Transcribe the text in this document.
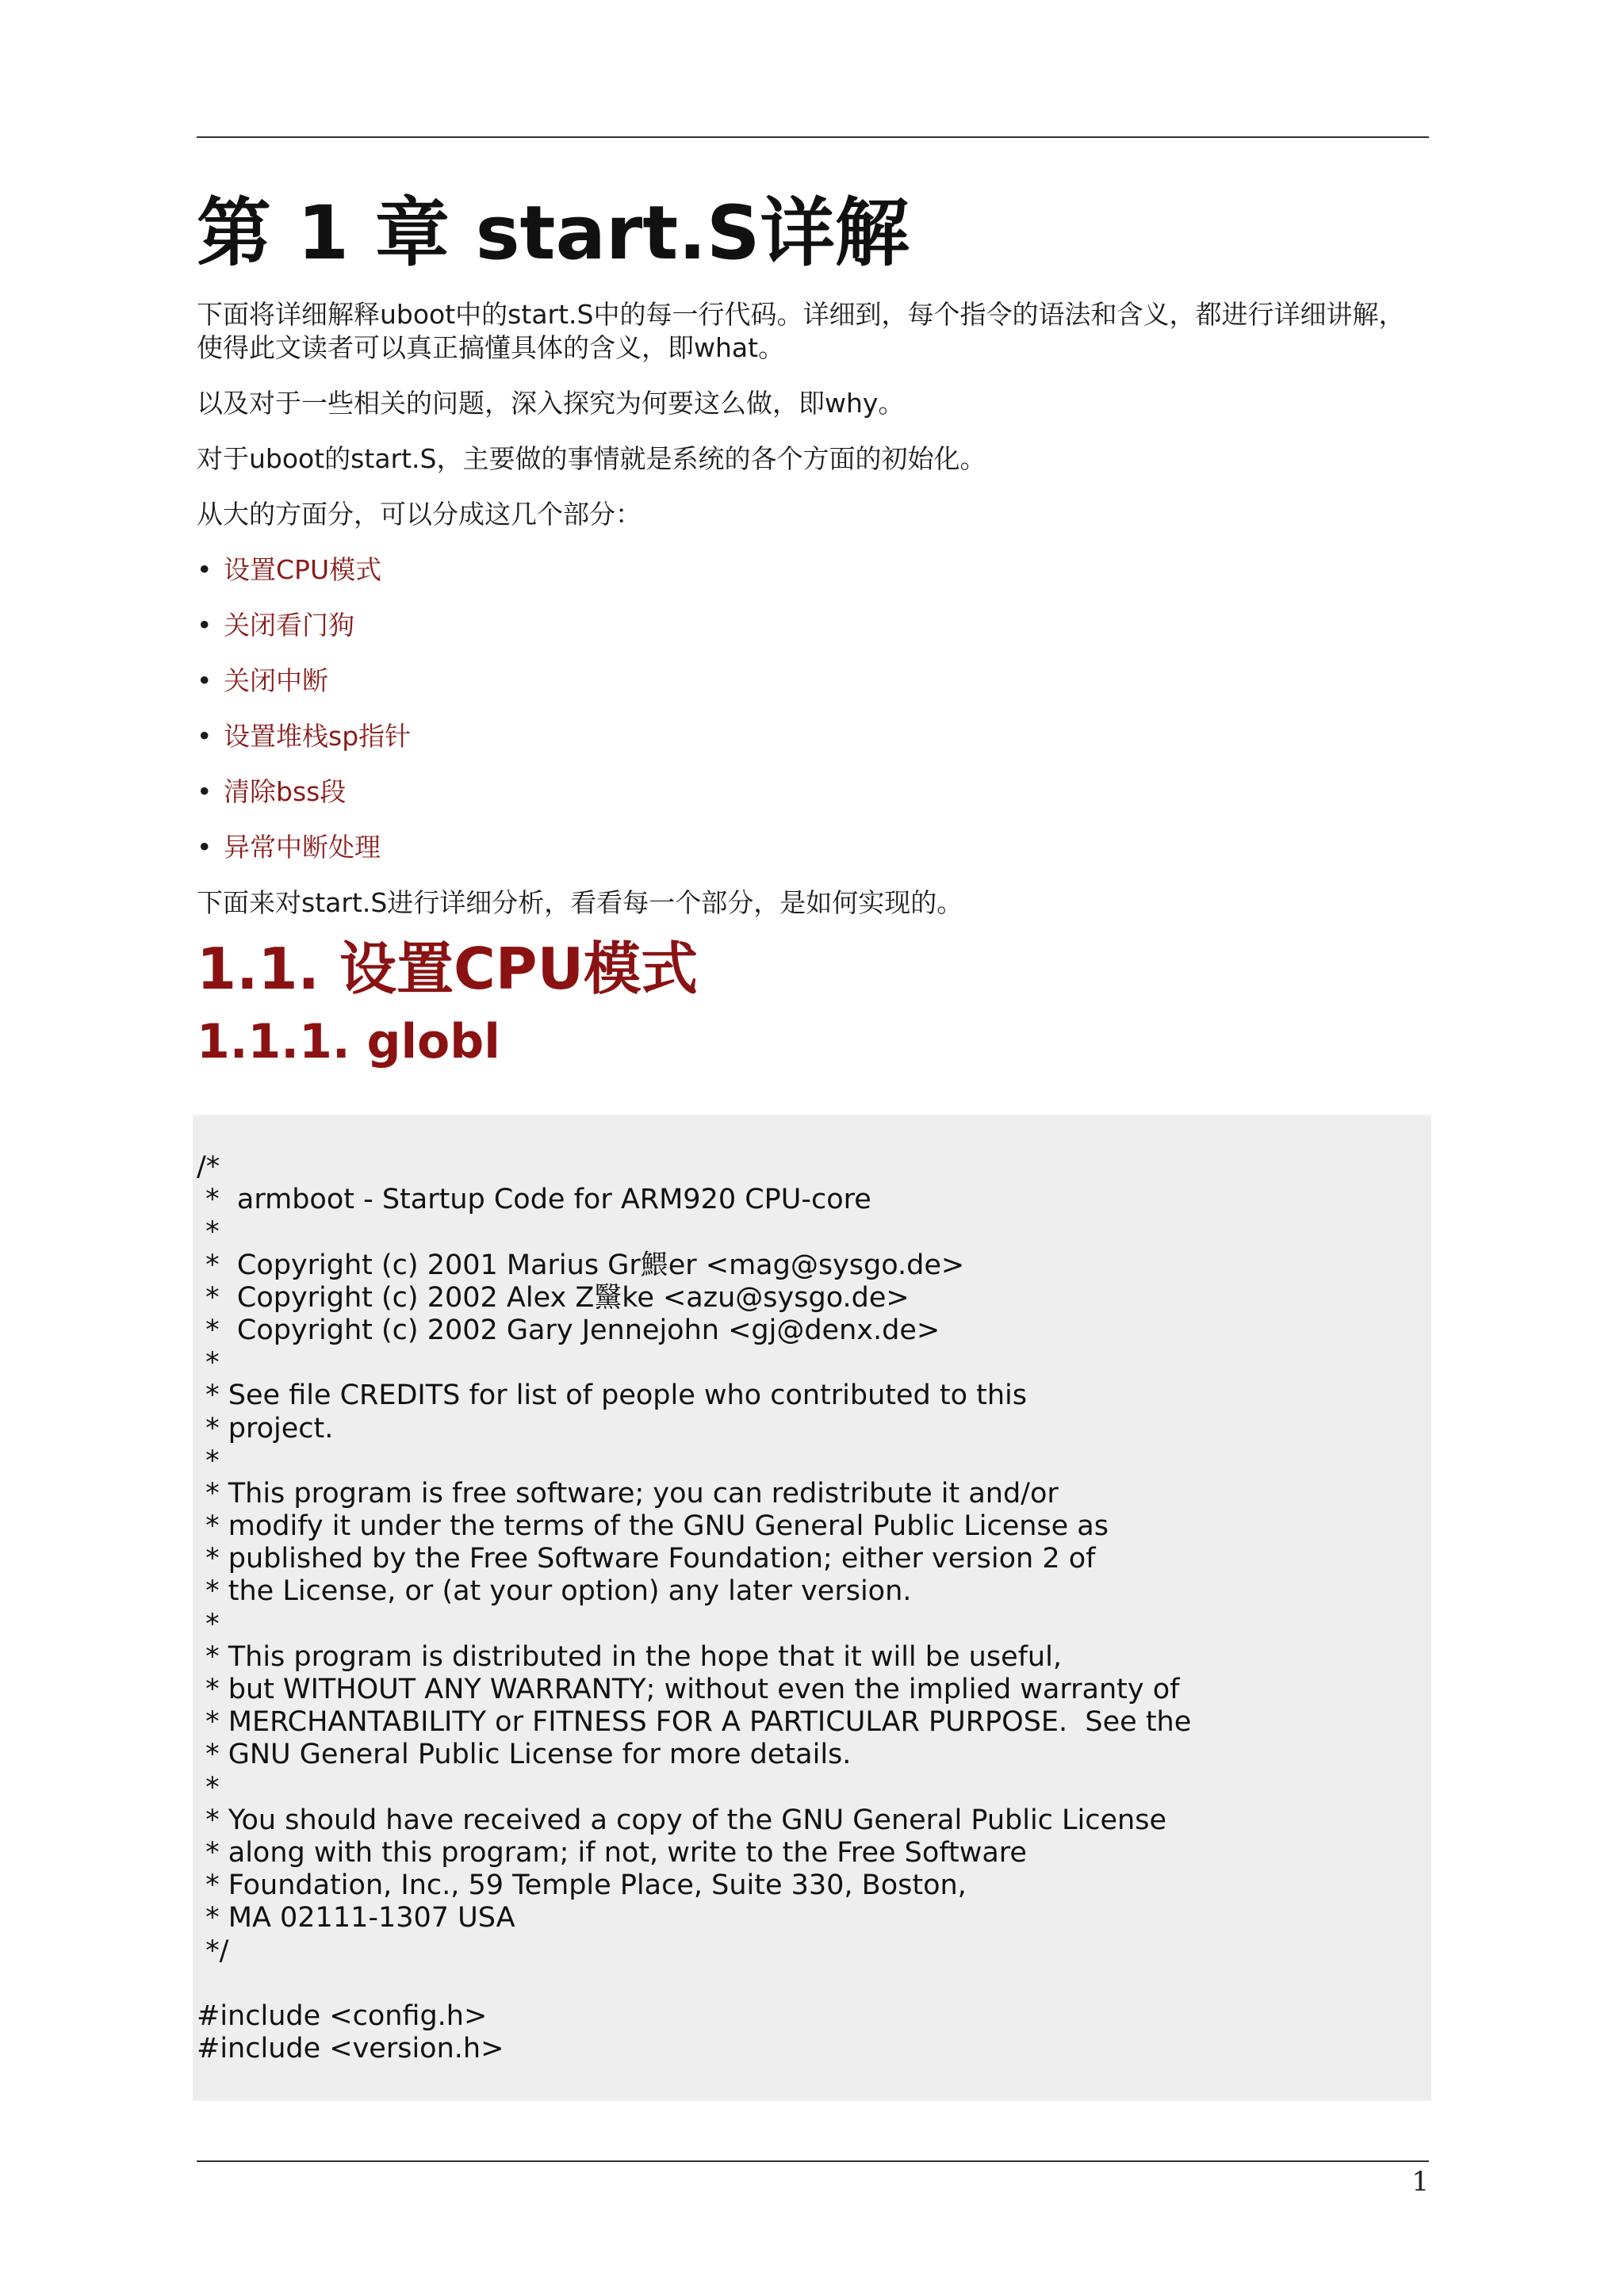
第 1 章 start.S详解

下面将详细解释uboot中的start.S中的每一行代码。详细到，每个指令的语法和含义，都进行详细讲解，使得此文读者可以真正搞懂具体的含义，即what。

以及对于一些相关的问题，深入探究为何要这么做，即why。

对于uboot的start.S，主要做的事情就是系统的各个方面的初始化。

从大的方面分，可以分成这几个部分：

• 设置CPU模式
• 关闭看门狗
• 关闭中断
• 设置堆栈sp指针
• 清除bss段
• 异常中断处理

下面来对start.S进行详细分析，看看每一个部分，是如何实现的。

1.1. 设置CPU模式
1.1.1. globl
/*
*  armboot - Startup Code for ARM920 CPU-core
*
*  Copyright (c) 2001 Marius Gr鰃er <mag@sysgo.de>
*  Copyright (c) 2002 Alex Z黳ke <azu@sysgo.de>
*  Copyright (c) 2002 Gary Jennejohn <gj@denx.de>
*
* See file CREDITS for list of people who contributed to this
* project.
*
* This program is free software; you can redistribute it and/or
* modify it under the terms of the GNU General Public License as
* published by the Free Software Foundation; either version 2 of
* the License, or (at your option) any later version.
*
* This program is distributed in the hope that it will be useful,
* but WITHOUT ANY WARRANTY; without even the implied warranty of
* MERCHANTABILITY or FITNESS FOR A PARTICULAR PURPOSE.  See the
* GNU General Public License for more details.
*
* You should have received a copy of the GNU General Public License
* along with this program; if not, write to the Free Software
* Foundation, Inc., 59 Temple Place, Suite 330, Boston,
* MA 02111-1307 USA
*/
#include <config.h>
#include <version.h>
1
